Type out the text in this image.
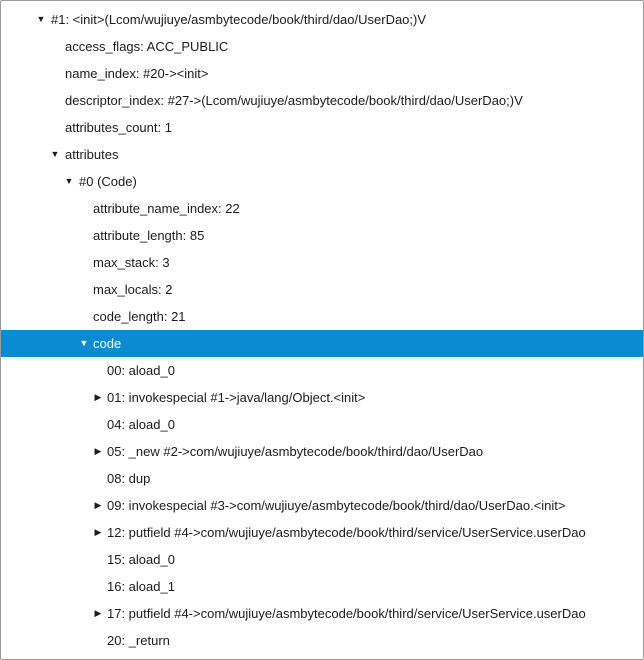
▼ #1: <init>(Lcom/wujiuye/asmbytecode/book/third/dao/UserDao;)V
access_flags: ACC_PUBLIC
name_index: #20-><init>
descriptor_index: #27->(Lcom/wujiuye/asmbytecode/book/third/dao/UserDao;)V
attributes_count: 1
▼ attributes
▼ #0 (Code)
attribute_name_index: 22
attribute_length: 85
max_stack: 3
max_locals: 2
code_length: 21
▼ code
00: aload_0
▶ 01: invokespecial #1->java/lang/Object.<init>
04: aload_0
▶ 05: _new #2->com/wujiuye/asmbytecode/book/third/dao/UserDao
08: dup
▶ 09: invokespecial #3->com/wujiuye/asmbytecode/book/third/dao/UserDao.<init>
▶ 12: putfield #4->com/wujiuye/asmbytecode/book/third/service/UserService.userDao
15: aload_0
16: aload_1
▶ 17: putfield #4->com/wujiuye/asmbytecode/book/third/service/UserService.userDao
20: _return
